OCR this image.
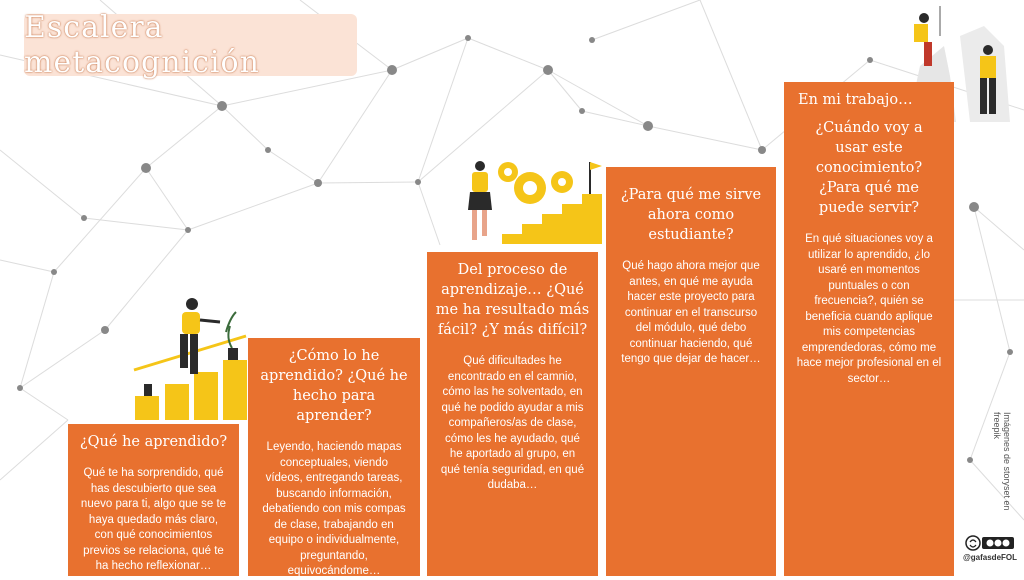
Escalera metacognición
¿Qué he aprendido?
Qué te ha sorprendido, qué has descubierto que sea nuevo para ti, algo que se te haya quedado más claro, con qué conocimientos previos se relaciona, qué te ha hecho reflexionar…
¿Cómo lo he aprendido? ¿Qué he hecho para aprender?
Leyendo, haciendo mapas conceptuales, viendo vídeos, entregando tareas, buscando información, debatiendo con mis compas de clase, trabajando en equipo o individualmente, preguntando, equivocándome…
Del proceso de aprendizaje… ¿Qué me ha resultado más fácil? ¿Y más difícil?
Qué dificultades he encontrado en el camnio, cómo las he solventado, en qué he podido ayudar a mis compañeros/as de clase, cómo les he ayudado, qué he aportado al grupo, en qué tenía seguridad, en qué dudaba…
¿Para qué me sirve ahora como estudiante?
Qué hago ahora mejor que antes, en qué me ayuda hacer este proyecto para continuar en el transcurso del módulo, qué debo continuar haciendo, qué tengo que dejar de hacer…
En mi trabajo…
¿Cuándo voy a usar este conocimiento? ¿Para qué me puede servir?
En qué situaciones voy a utilizar lo aprendido, ¿lo usaré en momentos puntuales o con frecuencia?, quién se beneficia cuando aplique mis competencias emprendedoras, cómo me hace mejor profesional en el sector…
Imágenes de storyset en freepik
@gafasdeFOL
